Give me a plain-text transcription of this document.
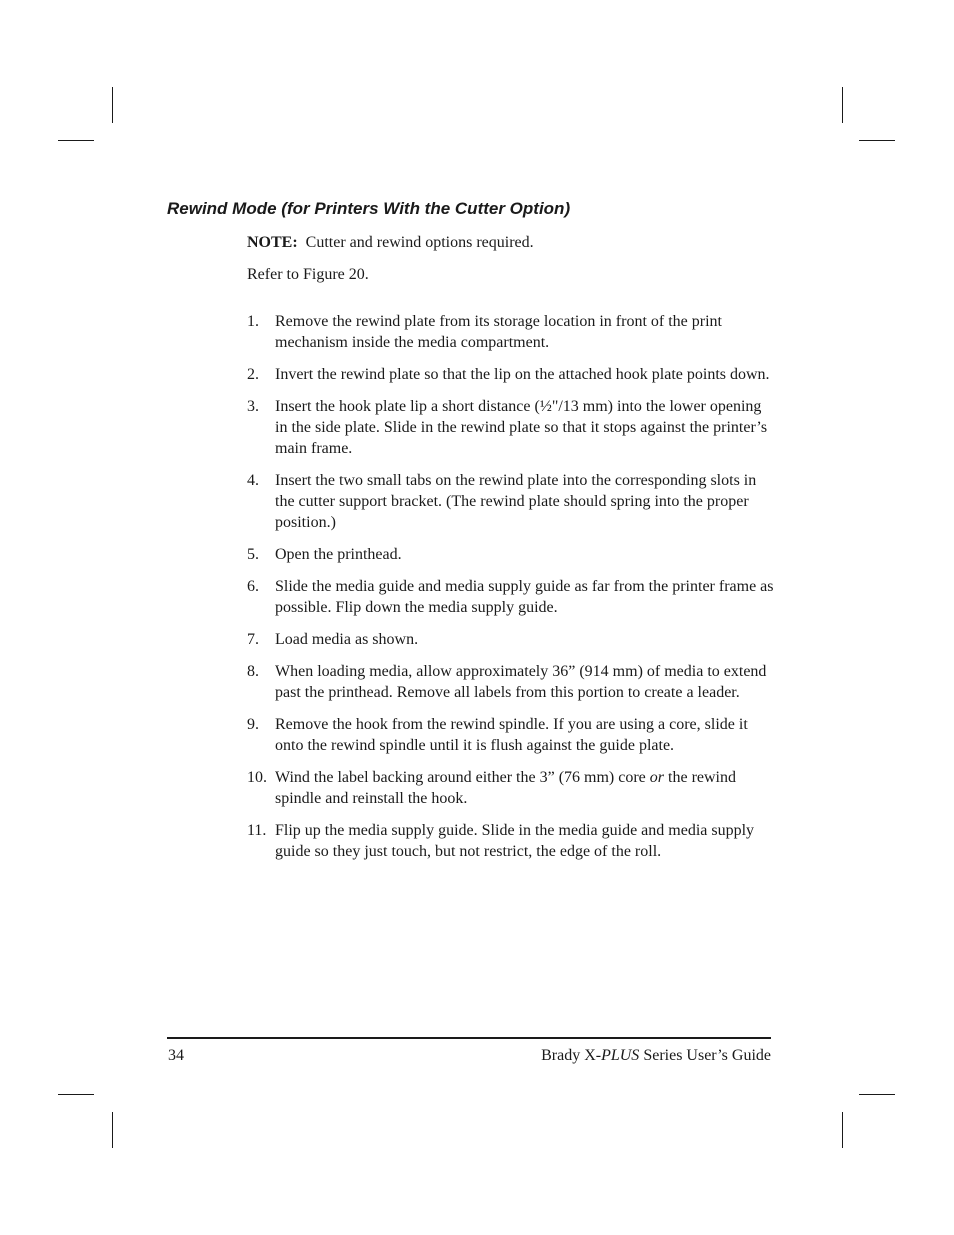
Rewind Mode (for Printers With the Cutter Option)

NOTE: Cutter and rewind options required.

Refer to Figure 20.

1.	Remove the rewind plate from its storage location in front of the print mechanism inside the media compartment.
2.	Invert the rewind plate so that the lip on the attached hook plate points down.
3.	Insert the hook plate lip a short distance (½"/13 mm) into the lower opening in the side plate. Slide in the rewind plate so that it stops against the printer’s main frame.
4.	Insert the two small tabs on the rewind plate into the corresponding slots in the cutter support bracket. (The rewind plate should spring into the proper position.)
5.	Open the printhead.
6.	Slide the media guide and media supply guide as far from the printer frame as possible. Flip down the media supply guide.
7.	Load media as shown.
8.	When loading media, allow approximately 36” (914 mm) of media to extend past the printhead. Remove all labels from this portion to create a leader.
9.	Remove the hook from the rewind spindle. If you are using a core, slide it onto the rewind spindle until it is flush against the guide plate.
10. Wind the label backing around either the 3” (76 mm) core or the rewind spindle and reinstall the hook.
11. Flip up the media supply guide. Slide in the media guide and media supply guide so they just touch, but not restrict, the edge of the roll.
34	Brady X-PLUS Series User’s Guide
